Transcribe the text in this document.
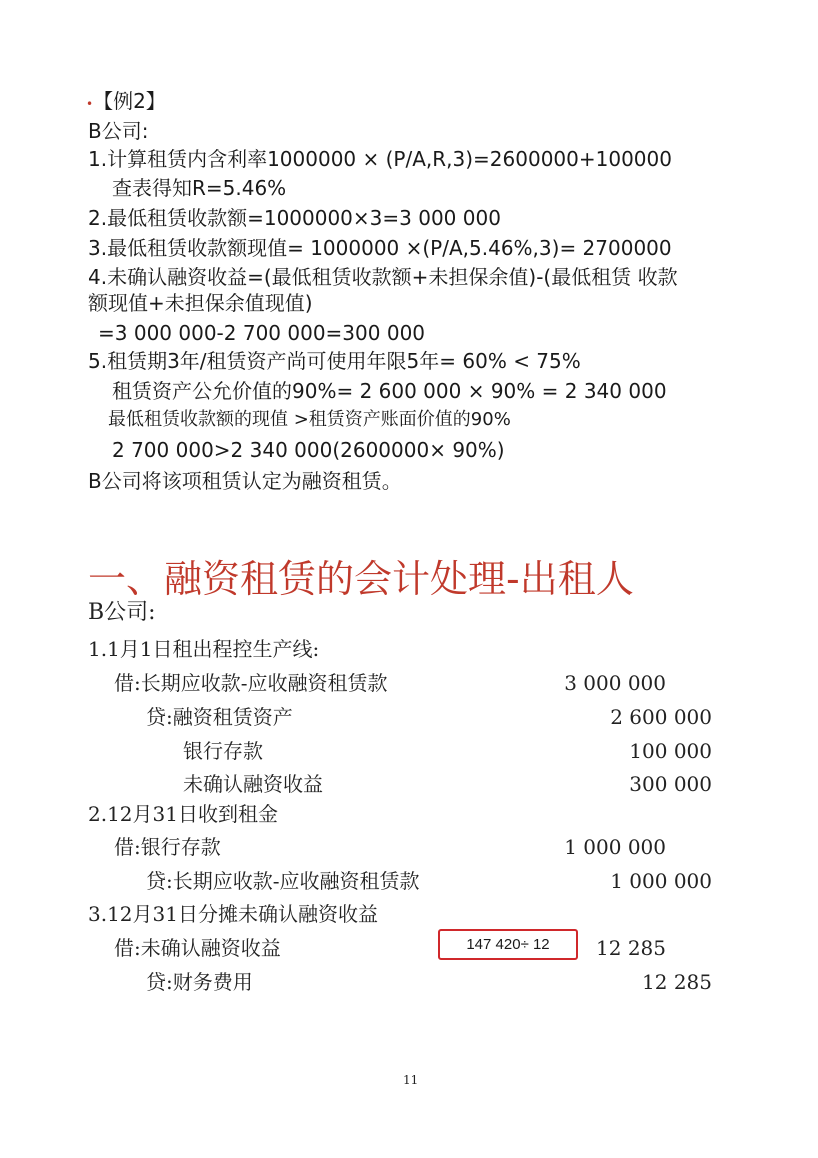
•【例2】
B公司:
1.计算租赁内含利率1000000 × (P/A,R,3)=2600000+100000
查表得知R=5.46%
2.最低租赁收款额=1000000×3=3 000 000
3.最低租赁收款额现值= 1000000 ×(P/A,5.46%,3)= 2700000
4.未确认融资收益=(最低租赁收款额+未担保余值)-(最低租赁 收款
额现值+未担保余值现值)
=3 000 000-2 700 000=300 000
5.租赁期3年/租赁资产尚可使用年限5年= 60% < 75%
租赁资产公允价值的90%= 2 600 000 × 90% = 2 340 000
最低租赁收款额的现值 >租赁资产账面价值的90%
2 700 000>2 340 000(2600000× 90%)
B公司将该项租赁认定为融资租赁。
一、融资租赁的会计处理-出租人
B公司:
1.1月1日租出程控生产线:
借:长期应收款-应收融资租赁款	3 000 000
贷:融资租赁资产	2 600 000
银行存款	100 000
未确认融资收益	300 000
2.12月31日收到租金
借:银行存款	1 000 000
贷:长期应收款-应收融资租赁款	1 000 000
3.12月31日分摊未确认融资收益
借:未确认融资收益	12 285
贷:财务费用	12 285
147 420÷ 12
11
